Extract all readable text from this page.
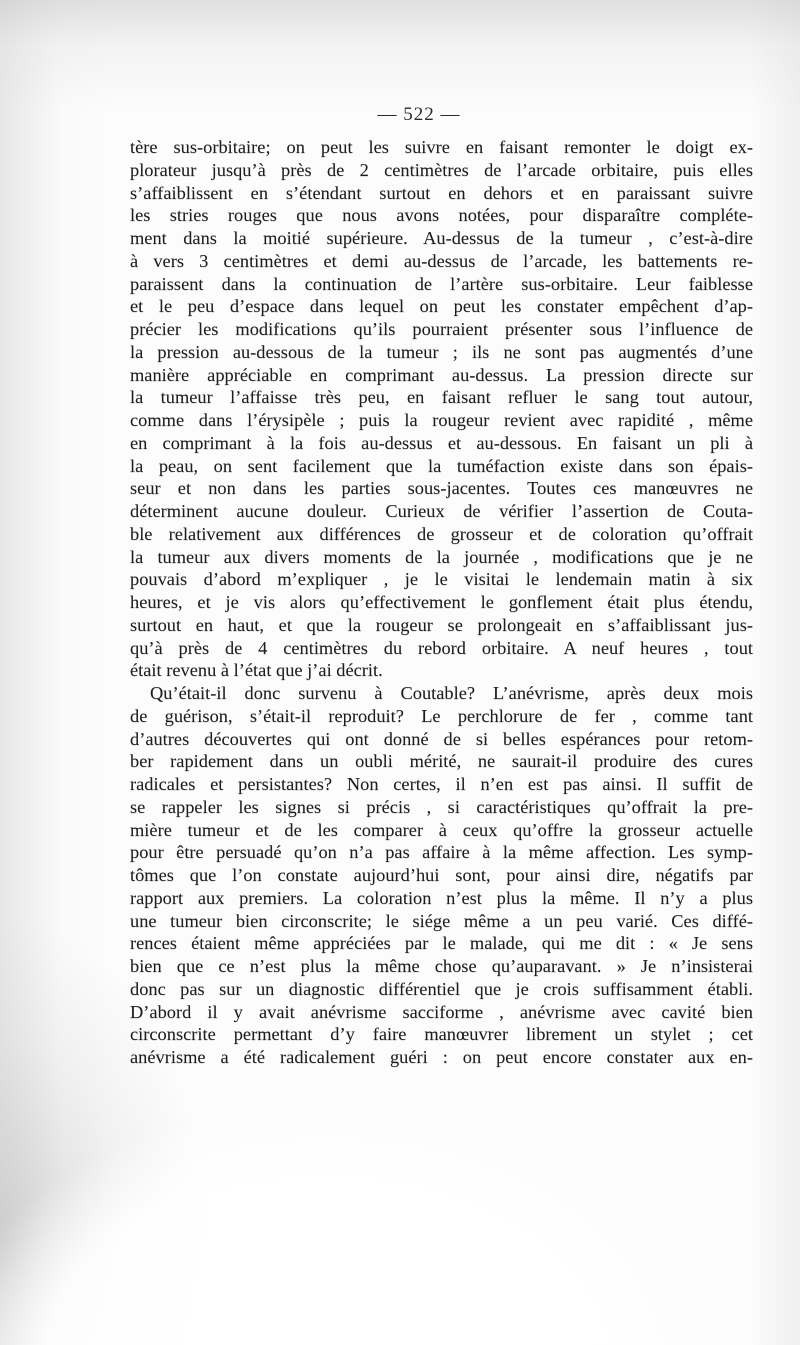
— 522 —
tère sus-orbitaire; on peut les suivre en faisant remonter le doigt ex-
plorateur jusqu’à près de 2 centimètres de l’arcade orbitaire, puis elles
s’affaiblissent en s’étendant surtout en dehors et en paraissant suivre
les stries rouges que nous avons notées, pour disparaître compléte-
ment dans la moitié supérieure. Au-dessus de la tumeur , c’est-à-dire
à vers 3 centimètres et demi au-dessus de l’arcade, les battements re-
paraissent dans la continuation de l’artère sus-orbitaire. Leur faiblesse
et le peu d’espace dans lequel on peut les constater empêchent d’ap-
précier les modifications qu’ils pourraient présenter sous l’influence de
la pression au-dessous de la tumeur ; ils ne sont pas augmentés d’une
manière appréciable en comprimant au-dessus. La pression directe sur
la tumeur l’affaisse très peu, en faisant refluer le sang tout autour,
comme dans l’érysipèle ; puis la rougeur revient avec rapidité , même
en comprimant à la fois au-dessus et au-dessous. En faisant un pli à
la peau, on sent facilement que la tuméfaction existe dans son épais-
seur et non dans les parties sous-jacentes. Toutes ces manœuvres ne
déterminent aucune douleur. Curieux de vérifier l’assertion de Couta-
ble relativement aux différences de grosseur et de coloration qu’offrait
la tumeur aux divers moments de la journée , modifications que je ne
pouvais d’abord m’expliquer , je le visitai le lendemain matin à six
heures, et je vis alors qu’effectivement le gonflement était plus étendu,
surtout en haut, et que la rougeur se prolongeait en s’affaiblissant jus-
qu’à près de 4 centimètres du rebord orbitaire. A neuf heures , tout
était revenu à l’état que j’ai décrit.
Qu’était-il donc survenu à Coutable? L’anévrisme, après deux mois
de guérison, s’était-il reproduit? Le perchlorure de fer , comme tant
d’autres découvertes qui ont donné de si belles espérances pour retom-
ber rapidement dans un oubli mérité, ne saurait-il produire des cures
radicales et persistantes? Non certes, il n’en est pas ainsi. Il suffit de
se rappeler les signes si précis , si caractéristiques qu’offrait la pre-
mière tumeur et de les comparer à ceux qu’offre la grosseur actuelle
pour être persuadé qu’on n’a pas affaire à la même affection. Les symp-
tômes que l’on constate aujourd’hui sont, pour ainsi dire, négatifs par
rapport aux premiers. La coloration n’est plus la même. Il n’y a plus
une tumeur bien circonscrite; le siége même a un peu varié. Ces diffé-
rences étaient même appréciées par le malade, qui me dit : « Je sens
bien que ce n’est plus la même chose qu’auparavant. » Je n’insisterai
donc pas sur un diagnostic différentiel que je crois suffisamment établi.
D’abord il y avait anévrisme sacciforme , anévrisme avec cavité bien
circonscrite permettant d’y faire manœuvrer librement un stylet ; cet
anévrisme a été radicalement guéri : on peut encore constater aux en-
